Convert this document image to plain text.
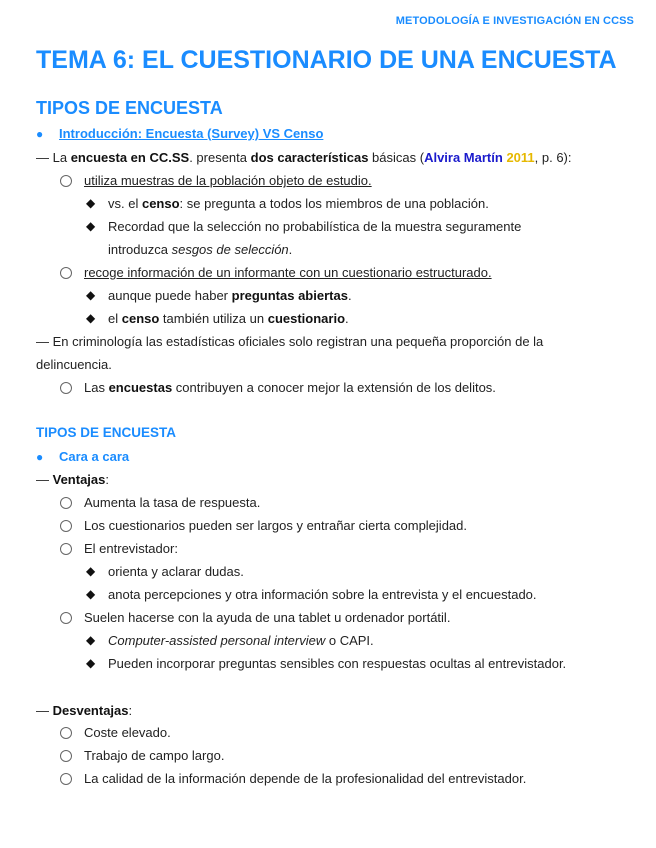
METODOLOGÍA E INVESTIGACIÓN EN CCSS
TEMA 6: EL CUESTIONARIO DE UNA ENCUESTA
TIPOS DE ENCUESTA
● Introducción: Encuesta (Survey) VS Censo
— La encuesta en CC.SS. presenta dos características básicas (Alvira Martín 2011, p. 6):
utiliza muestras de la población objeto de estudio.
◆ vs. el censo: se pregunta a todos los miembros de una población.
◆ Recordad que la selección no probabilística de la muestra seguramente
introduzca sesgos de selección.
recoge información de un informante con un cuestionario estructurado.
◆ aunque puede haber preguntas abiertas.
◆ el censo también utiliza un cuestionario.
— En criminología las estadísticas oficiales solo registran una pequeña proporción de la
delincuencia.
Las encuestas contribuyen a conocer mejor la extensión de los delitos.
TIPOS DE ENCUESTA
● Cara a cara
— Ventajas:
Aumenta la tasa de respuesta.
Los cuestionarios pueden ser largos y entrañar cierta complejidad.
El entrevistador:
◆ orienta y aclarar dudas.
◆ anota percepciones y otra información sobre la entrevista y el encuestado.
Suelen hacerse con la ayuda de una tablet u ordenador portátil.
◆ Computer-assisted personal interview o CAPI.
◆ Pueden incorporar preguntas sensibles con respuestas ocultas al entrevistador.
— Desventajas:
Coste elevado.
Trabajo de campo largo.
La calidad de la información depende de la profesionalidad del entrevistador.
